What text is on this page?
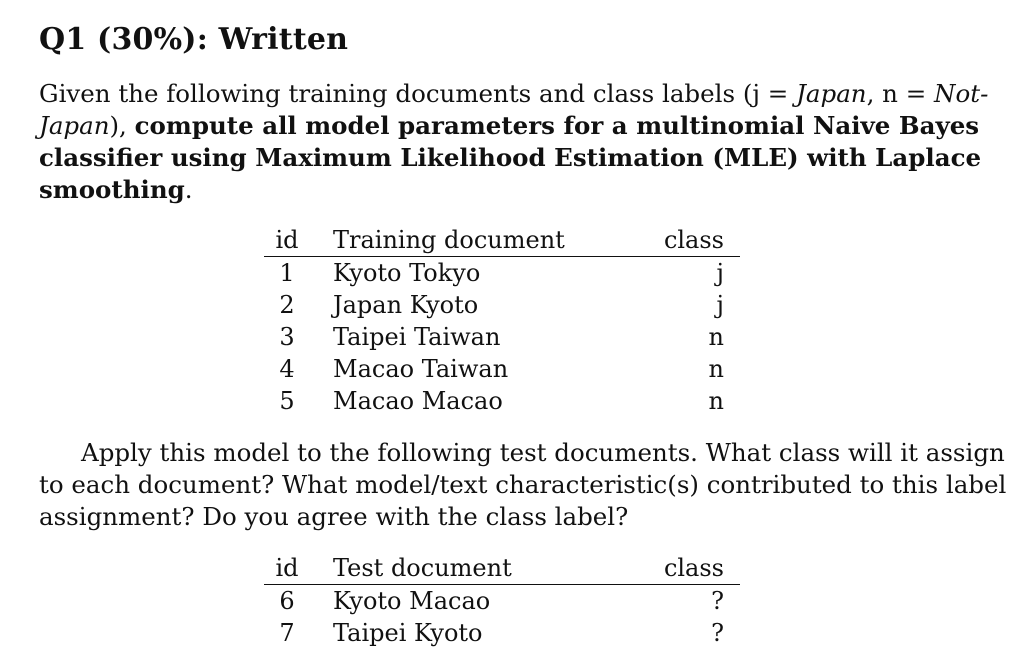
Q1 (30%): Written
Given the following training documents and class labels (j = Japan, n = Not-
Japan), compute all model parameters for a multinomial Naive Bayes
classifier using Maximum Likelihood Estimation (MLE) with Laplace
smoothing.
id	Training document	class
1	Kyoto Tokyo	j
2	Japan Kyoto	j
3	Taipei Taiwan	n
4	Macao Taiwan	n
5	Macao Macao	n
Apply this model to the following test documents. What class will it assign
to each document? What model/text characteristic(s) contributed to this label
assignment? Do you agree with the class label?
id	Test document	class
6	Kyoto Macao	?
7	Taipei Kyoto	?
